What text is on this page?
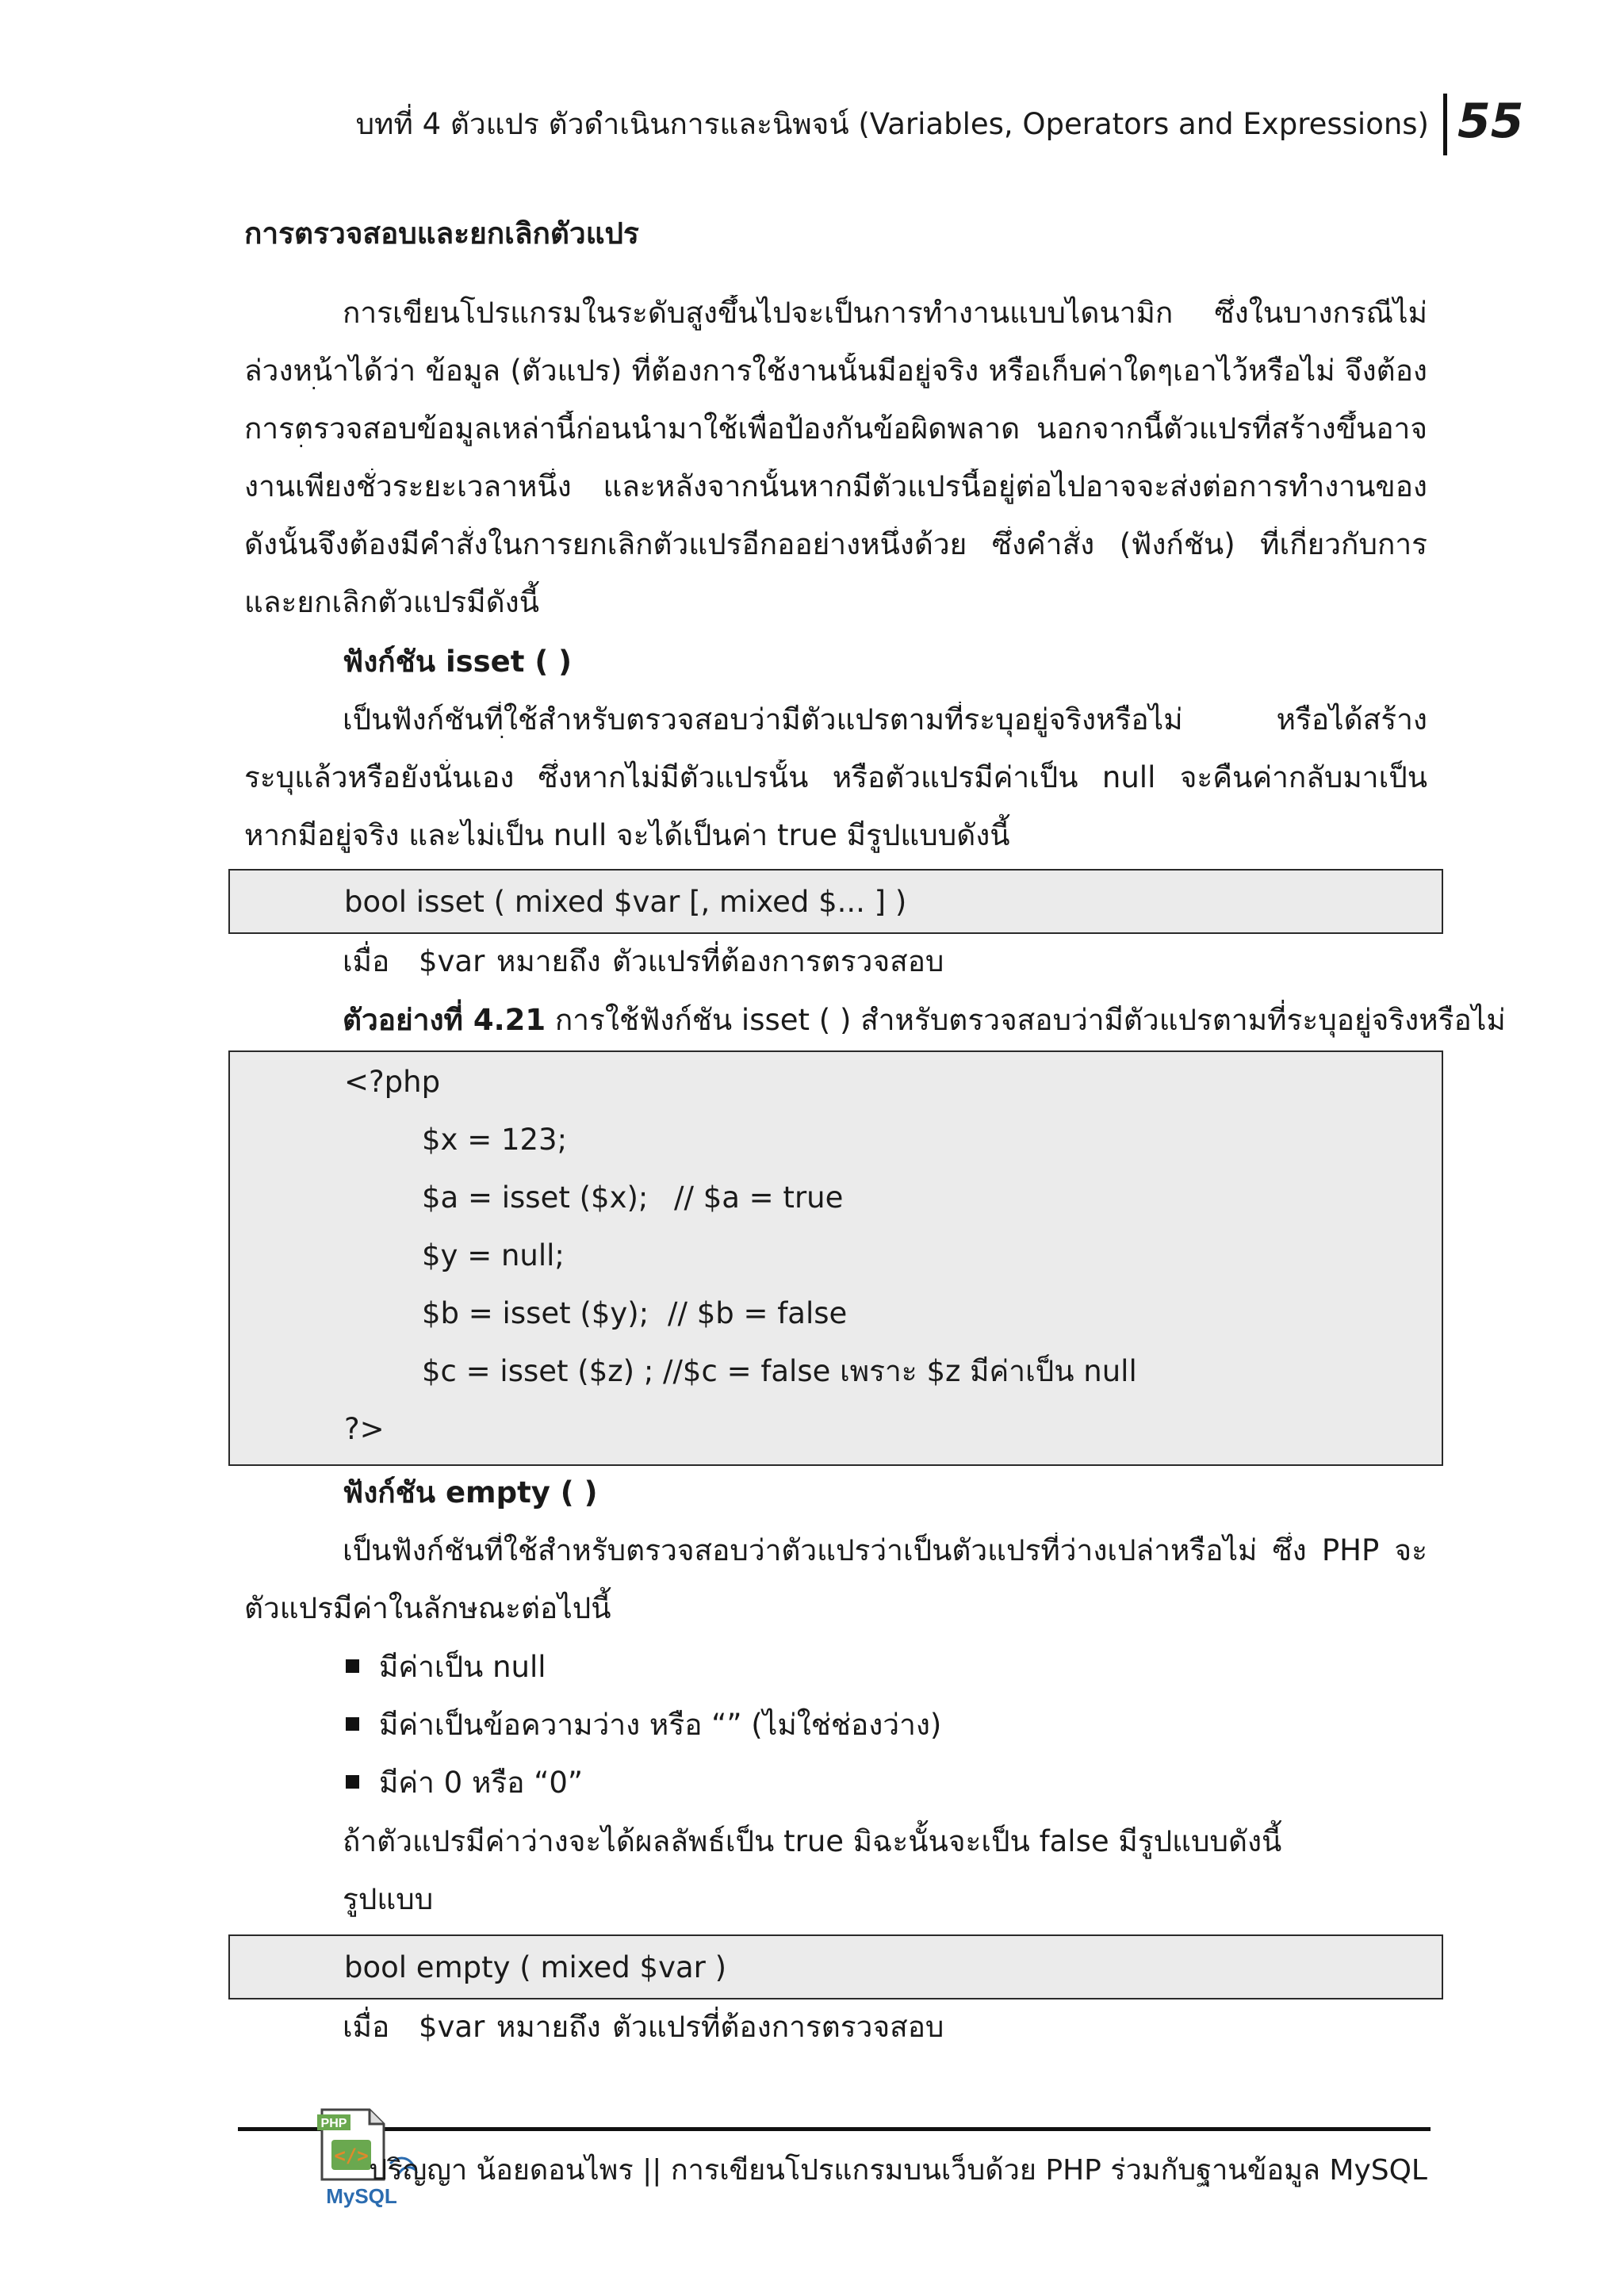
บทที่ 4 ตัวแปร ตัวดำเนินการและนิพจน์ (Variables, Operators and Expressions) 55
การตรวจสอบและยกเลิกตัวแปร
การเขียนโปรแกรมในระดับสูงขึ้นไปจะเป็นการทำงานแบบไดนามิก ซึ่งในบางกรณีไม่
ล่วงหน้าได้ว่า ข้อมูล (ตัวแปร) ที่ต้องการใช้งานนั้นมีอยู่จริง หรือเก็บค่าใดๆเอาไว้หรือไม่ จึงต้อง
การตรวจสอบข้อมูลเหล่านี้ก่อนนำมาใช้เพื่อป้องกันข้อผิดพลาด นอกจากนี้ตัวแปรที่สร้างขึ้นอาจ
งานเพียงชั่วระยะเวลาหนึ่ง และหลังจากนั้นหากมีตัวแปรนี้อยู่ต่อไปอาจจะส่งต่อการทำงานของ
ดังนั้นจึงต้องมีคำสั่งในการยกเลิกตัวแปรอีกออย่างหนึ่งด้วย ซึ่งคำสั่ง (ฟังก์ชัน) ที่เกี่ยวกับการ
และยกเลิกตัวแปรมีดังนี้
ฟังก์ชัน isset ( )
เป็นฟังก์ชันที่ใช้สำหรับตรวจสอบว่ามีตัวแปรตามที่ระบุอยู่จริงหรือไม่ หรือได้สร้าง
ระบุแล้วหรือยังนั่นเอง ซึ่งหากไม่มีตัวแปรนั้น หรือตัวแปรมีค่าเป็น null จะคืนค่ากลับมาเป็น
หากมีอยู่จริง และไม่เป็น null จะได้เป็นค่า true มีรูปแบบดังนี้
bool isset ( mixed $var [, mixed $... ] )
เมื่อ $var หมายถึง ตัวแปรที่ต้องการตรวจสอบ
ตัวอย่างที่ 4.21 การใช้ฟังก์ชัน isset ( ) สำหรับตรวจสอบว่ามีตัวแปรตามที่ระบุอยู่จริงหรือไม่
<?php
$x = 123;
$a = isset ($x); // $a = true
$y = null;
$b = isset ($y); // $b = false
$c = isset ($z) ; //$c = false เพราะ $z มีค่าเป็น null
?>
ฟังก์ชัน empty ( )
เป็นฟังก์ชันที่ใช้สำหรับตรวจสอบว่าตัวแปรว่าเป็นตัวแปรที่ว่างเปล่าหรือไม่ ซึ่ง PHP จะ
ตัวแปรมีค่าในลักษณะต่อไปนี้
มีค่าเป็น null
มีค่าเป็นข้อความว่าง หรือ “” (ไม่ใช่ช่องว่าง)
มีค่า 0 หรือ “0”
ถ้าตัวแปรมีค่าว่างจะได้ผลลัพธ์เป็น true มิฉะนั้นจะเป็น false มีรูปแบบดังนี้
รูปแบบ
bool empty ( mixed $var )
เมื่อ $var หมายถึง ตัวแปรที่ต้องการตรวจสอบ
PHP
</>
MySQL
ปริญญา น้อยดอนไพร || การเขียนโปรแกรมบนเว็บด้วย PHP ร่วมกับฐานข้อมูล MySQL
